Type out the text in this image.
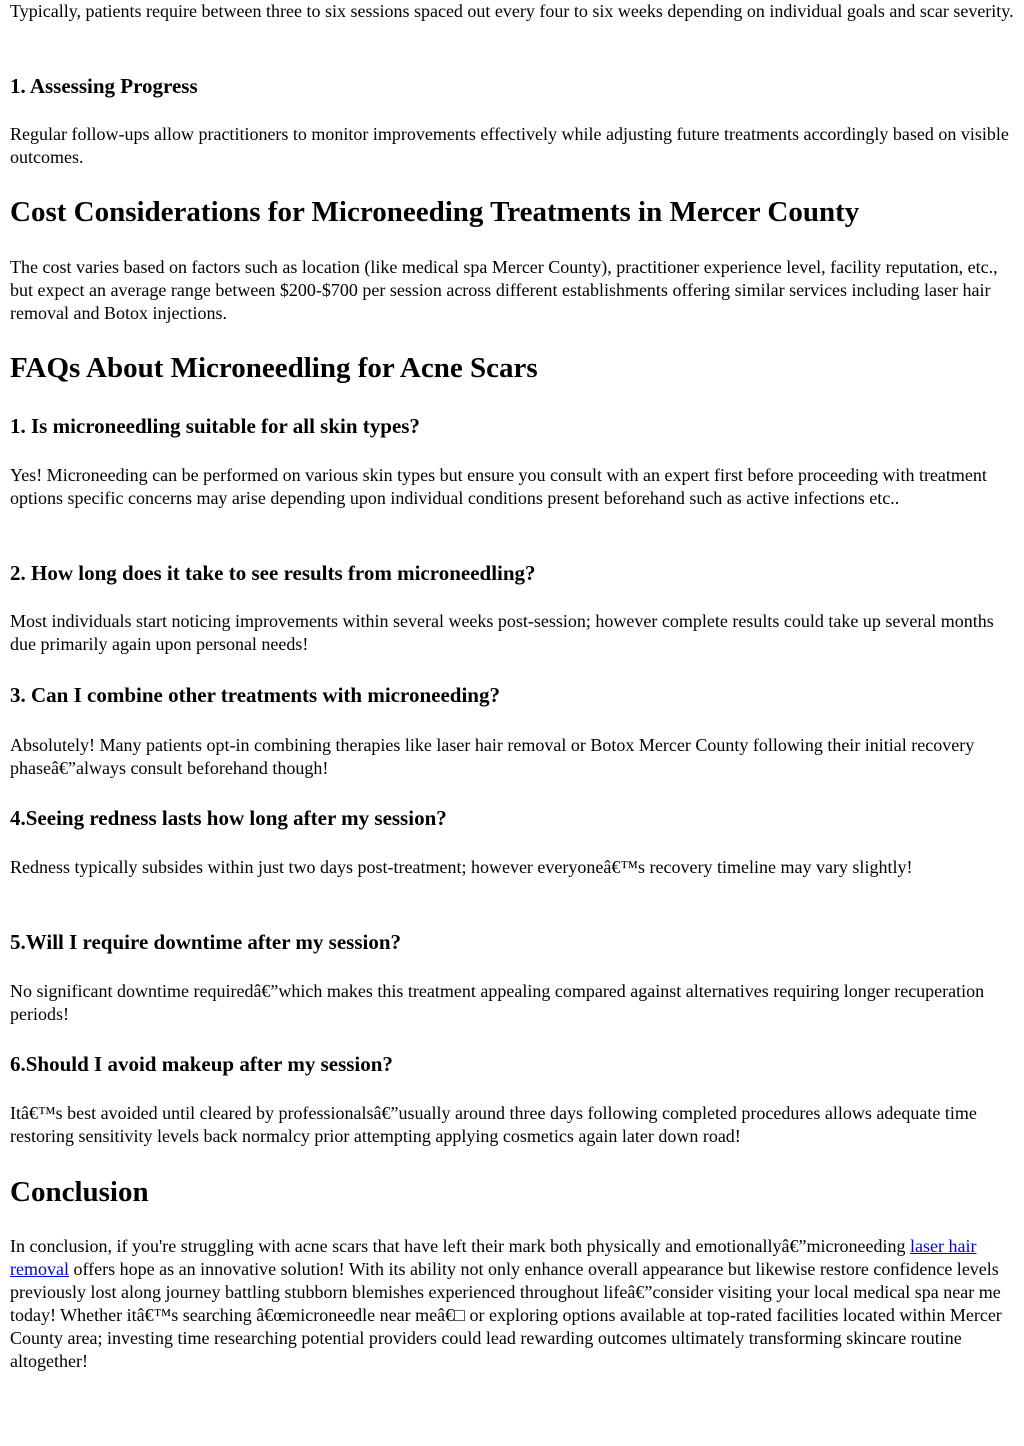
Typically, patients require between three to six sessions spaced out every four to six weeks depending on individual goals and scar severity.

1. Assessing Progress

Regular follow-ups allow practitioners to monitor improvements effectively while adjusting future treatments accordingly based on visible outcomes.

Cost Considerations for Microneeding Treatments in Mercer County

The cost varies based on factors such as location (like medical spa Mercer County), practitioner experience level, facility reputation, etc., but expect an average range between $200-$700 per session across different establishments offering similar services including laser hair removal and Botox injections.

FAQs About Microneedling for Acne Scars
1. Is microneedling suitable for all skin types?

Yes! Microneeding can be performed on various skin types but ensure you consult with an expert first before proceeding with treatment options specific concerns may arise depending upon individual conditions present beforehand such as active infections etc..

2. How long does it take to see results from microneedling?

Most individuals start noticing improvements within several weeks post-session; however complete results could take up several months due primarily again upon personal needs!

3. Can I combine other treatments with microneeding?

Absolutely! Many patients opt-in combining therapies like laser hair removal or Botox Mercer County following their initial recovery phaseâ€”always consult beforehand though!

4.Seeing redness lasts how long after my session?

Redness typically subsides within just two days post-treatment; however everyoneâ€™s recovery timeline may vary slightly!

5.Will I require downtime after my session?

No significant downtime requiredâ€”which makes this treatment appealing compared against alternatives requiring longer recuperation periods!

6.Should I avoid makeup after my session?

Itâ€™s best avoided until cleared by professionalsâ€”usually around three days following completed procedures allows adequate time restoring sensitivity levels back normalcy prior attempting applying cosmetics again later down road!

Conclusion

In conclusion, if you're struggling with acne scars that have left their mark both physically and emotionallyâ€”microneeding laser hair removal offers hope as an innovative solution! With its ability not only enhance overall appearance but likewise restore confidence levels previously lost along journey battling stubborn blemishes experienced throughout lifeâ€”consider visiting your local medical spa near me today! Whether itâ€™s searching â€œmicroneedle near meâ€□ or exploring options available at top-rated facilities located within Mercer County area; investing time researching potential providers could lead rewarding outcomes ultimately transforming skincare routine altogether!
